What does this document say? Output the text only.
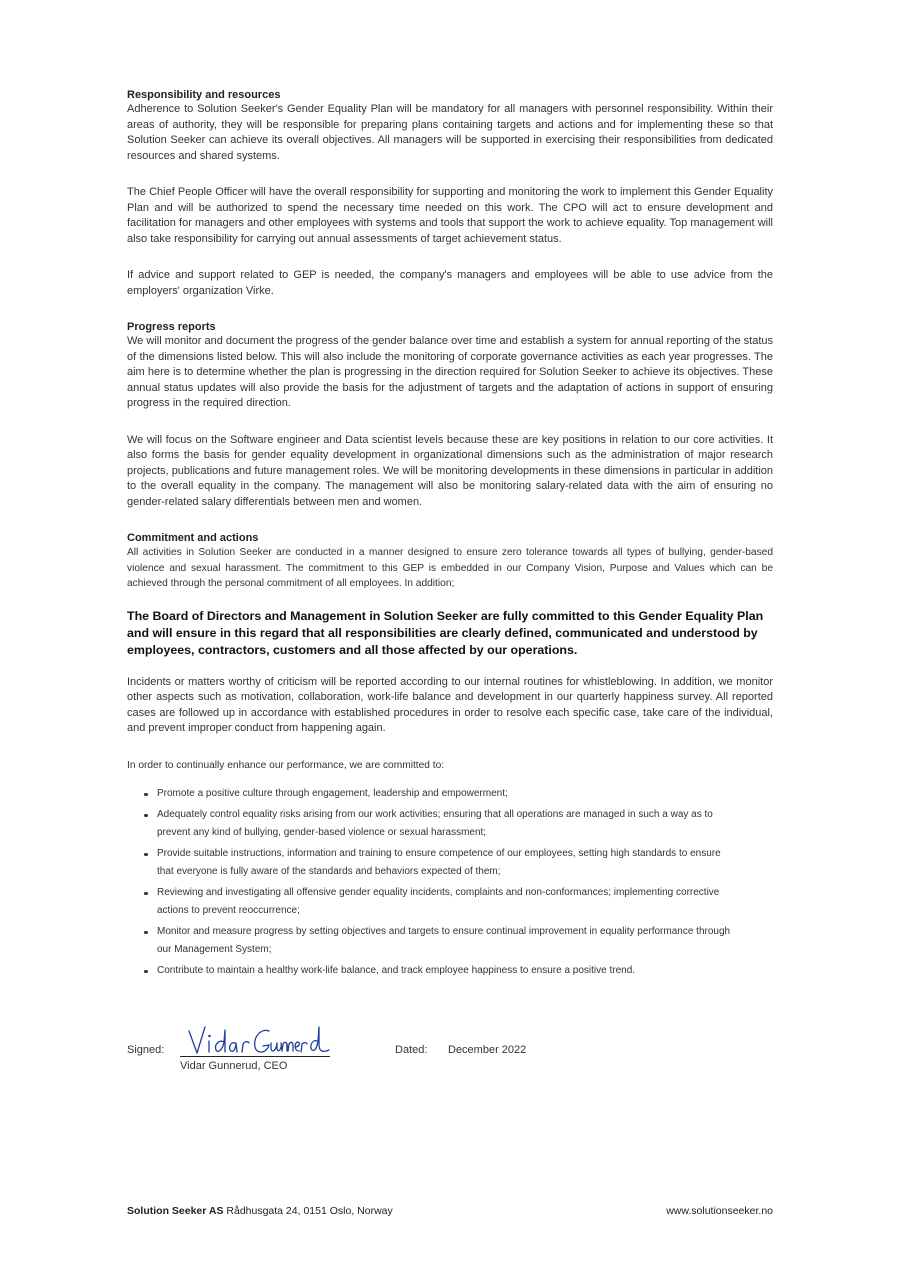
Responsibility and resources

Adherence to Solution Seeker's Gender Equality Plan will be mandatory for all managers with personnel responsibility. Within their areas of authority, they will be responsible for preparing plans containing targets and actions and for implementing these so that Solution Seeker can achieve its overall objectives. All managers will be supported in exercising their responsibilities from dedicated resources and shared systems.

The Chief People Officer will have the overall responsibility for supporting and monitoring the work to implement this Gender Equality Plan and will be authorized to spend the necessary time needed on this work. The CPO will act to ensure development and facilitation for managers and other employees with systems and tools that support the work to achieve equality. Top management will also take responsibility for carrying out annual assessments of target achievement status.

If advice and support related to GEP is needed, the company's managers and employees will be able to use advice from the employers' organization Virke.

Progress reports

We will monitor and document the progress of the gender balance over time and establish a system for annual reporting of the status of the dimensions listed below. This will also include the monitoring of corporate governance activities as each year progresses. The aim here is to determine whether the plan is progressing in the direction required for Solution Seeker to achieve its objectives. These annual status updates will also provide the basis for the adjustment of targets and the adaptation of actions in support of ensuring progress in the required direction.

We will focus on the Software engineer and Data scientist levels because these are key positions in relation to our core activities. It also forms the basis for gender equality development in organizational dimensions such as the administration of major research projects, publications and future management roles. We will be monitoring developments in these dimensions in particular in addition to the overall equality in the company. The management will also be monitoring salary-related data with the aim of ensuring no gender-related salary differentials between men and women.

Commitment and actions

All activities in Solution Seeker are conducted in a manner designed to ensure zero tolerance towards all types of bullying, gender-based violence and sexual harassment. The commitment to this GEP is embedded in our Company Vision, Purpose and Values which can be achieved through the personal commitment of all employees. In addition;

The Board of Directors and Management in Solution Seeker are fully committed to this Gender Equality Plan and will ensure in this regard that all responsibilities are clearly defined, communicated and understood by employees, contractors, customers and all those affected by our operations.

Incidents or matters worthy of criticism will be reported according to our internal routines for whistleblowing. In addition, we monitor other aspects such as motivation, collaboration, work-life balance and development in our quarterly happiness survey. All reported cases are followed up in accordance with established procedures in order to resolve each specific case, take care of the individual, and prevent improper conduct from happening again.

In order to continually enhance our performance, we are committed to:

Promote a positive culture through engagement, leadership and empowerment;
Adequately control equality risks arising from our work activities; ensuring that all operations are managed in such a way as to prevent any kind of bullying, gender-based violence or sexual harassment;
Provide suitable instructions, information and training to ensure competence of our employees, setting high standards to ensure that everyone is fully aware of the standards and behaviors expected of them;
Reviewing and investigating all offensive gender equality incidents, complaints and non-conformances; implementing corrective actions to prevent reoccurrence;
Monitor and measure progress by setting objectives and targets to ensure continual improvement in equality performance through our Management System;
Contribute to maintain a healthy work-life balance, and track employee happiness to ensure a positive trend.
Signed:
Vidar Gunnerud, CEO
Dated: December 2022
Solution Seeker AS Rådhusgata 24, 0151 Oslo, Norway	www.solutionseeker.no
